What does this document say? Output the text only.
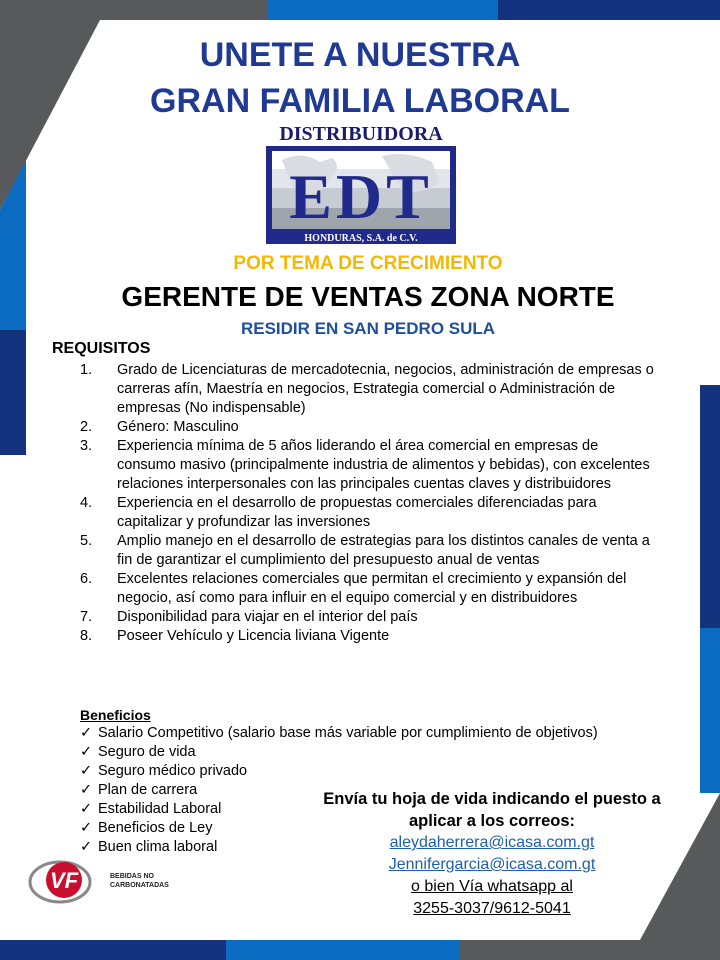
UNETE A NUESTRA
GRAN FAMILIA LABORAL
DISTRIBUIDORA
EDT
HONDURAS, S.A. de C.V.
POR TEMA DE CRECIMIENTO
GERENTE DE VENTAS ZONA NORTE
RESIDIR EN SAN PEDRO SULA
REQUISITOS
1. Grado de Licenciaturas de mercadotecnia, negocios, administración de empresas o carreras afín, Maestría en negocios, Estrategia comercial o Administración de empresas (No indispensable)
2. Género: Masculino
3. Experiencia mínima de 5 años liderando el área comercial en empresas de consumo masivo (principalmente industria de alimentos y bebidas), con excelentes relaciones interpersonales con las principales cuentas claves y distribuidores
4. Experiencia en el desarrollo de propuestas comerciales diferenciadas para capitalizar y profundizar las inversiones
5. Amplio manejo en el desarrollo de estrategias para los distintos canales de venta a fin de garantizar el cumplimiento del presupuesto anual de ventas
6. Excelentes relaciones comerciales que permitan el crecimiento y expansión del negocio, así como para influir en el equipo comercial y en distribuidores
7. Disponibilidad para viajar en el interior del país
8. Poseer Vehículo y Licencia liviana Vigente
Beneficios
✓ Salario Competitivo (salario base más variable por cumplimiento de objetivos)
✓ Seguro de vida
✓ Seguro médico privado
✓ Plan de carrera
✓ Estabilidad Laboral
✓ Beneficios de Ley
✓ Buen clima laboral
Envía tu hoja de vida indicando el puesto a
aplicar a los correos:
aleydaherrera@icasa.com.gt
Jennifergarcia@icasa.com.gt
o bien Vía whatsapp al
3255-3037/9612-5041
VF	BEBIDAS NO
CARBONATADAS
